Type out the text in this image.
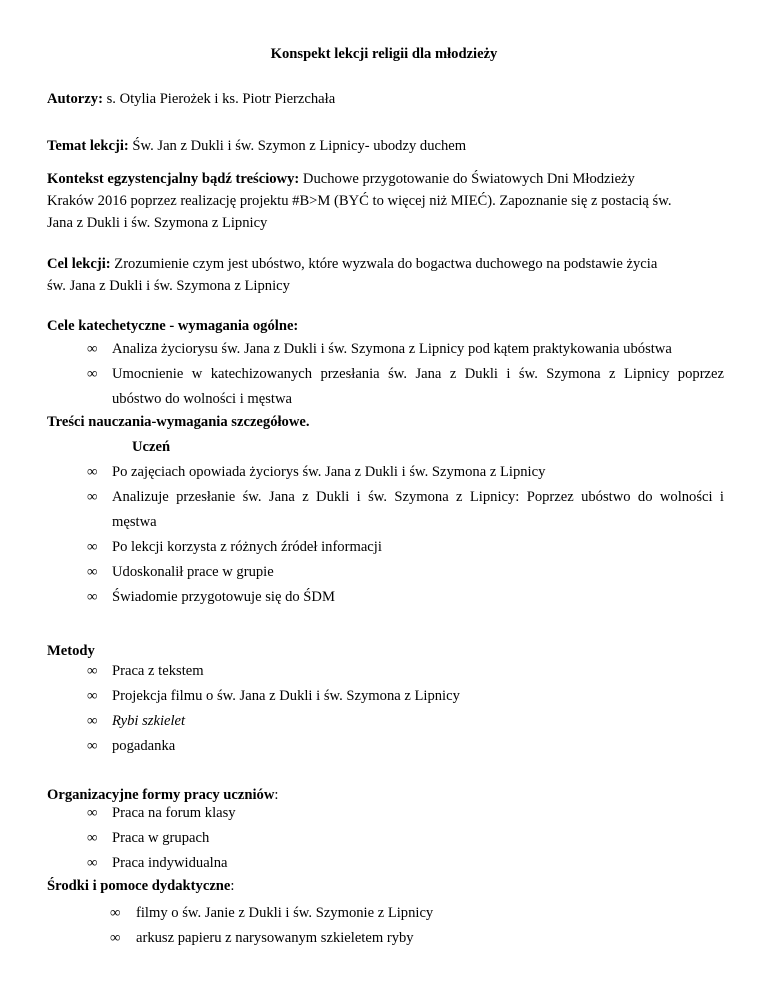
Konspekt lekcji religii dla młodzieży
Autorzy: s. Otylia Pierożek i ks. Piotr Pierzchała
Temat lekcji: Św. Jan z Dukli i św. Szymon z Lipnicy- ubodzy duchem
Kontekst egzystencjalny bądź treściowy: Duchowe przygotowanie do Światowych Dni Młodzieży
Kraków 2016 poprzez realizację projektu #B>M (BYĆ to więcej niż MIEĆ). Zapoznanie się z postacią św.
Jana z Dukli i św. Szymona z Lipnicy
Cel lekcji: Zrozumienie czym jest ubóstwo, które wyzwala do bogactwa duchowego na podstawie życia
św. Jana z Dukli i św. Szymona z Lipnicy
Cele katechetyczne - wymagania ogólne:
∞ Analiza życiorysu św. Jana z Dukli i św. Szymona z Lipnicy pod kątem praktykowania ubóstwa
∞ Umocnienie w katechizowanych przesłania św. Jana z Dukli i św. Szymona z Lipnicy poprzez
ubóstwo do wolności i męstwa
Treści nauczania-wymagania szczegółowe.
Uczeń
∞ Po zajęciach opowiada życiorys św. Jana z Dukli i św. Szymona z Lipnicy
∞ Analizuje przesłanie św. Jana z Dukli i św. Szymona z Lipnicy: Poprzez ubóstwo do wolności i
męstwa
∞ Po lekcji korzysta z różnych źródeł informacji
∞ Udoskonalił prace w grupie
∞ Świadomie przygotowuje się do ŚDM
Metody
∞ Praca z tekstem
∞ Projekcja filmu o św. Jana z Dukli i św. Szymona z Lipnicy
∞ Rybi szkielet
∞ pogadanka
Organizacyjne formy pracy uczniów:
∞ Praca na forum klasy
∞ Praca w grupach
∞ Praca indywidualna
Środki i pomoce dydaktyczne:
∞ filmy o św. Janie z Dukli i św. Szymonie z Lipnicy
∞ arkusz papieru z narysowanym szkieletem ryby
